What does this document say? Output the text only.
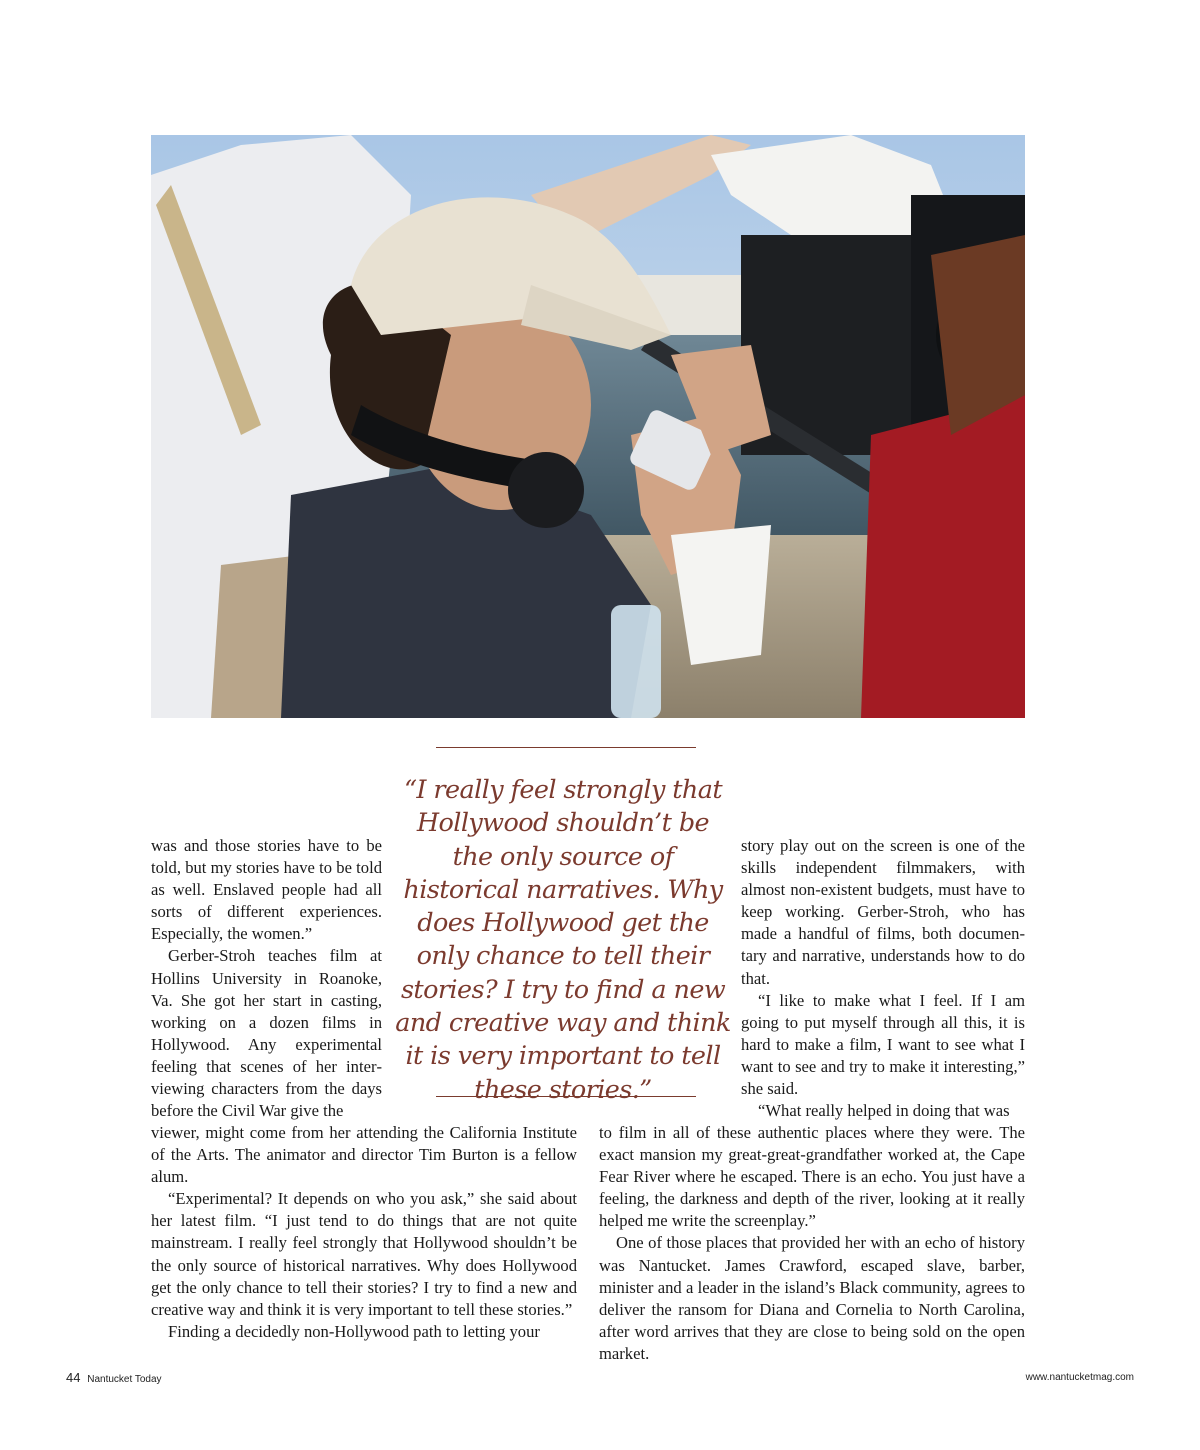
“I really feel strongly that Hollywood shouldn’t be the only source of historical narratives. Why does Hollywood get the only chance to tell their stories? I try to find a new and creative way and think it is very important to tell these stories.”

was and those stories have to be told, but my stories have to be told as well. Enslaved people had all sorts of different experiences. Especially, the women.”

Gerber-Stroh teaches film at Hollins University in Roanoke, Va. She got her start in casting, working on a dozen films in Hollywood. Any experimental feeling that scenes of her interviewing characters from the days before the Civil War give the

viewer, might come from her attending the California Institute of the Arts. The animator and director Tim Burton is a fellow alum.

“Experimental? It depends on who you ask,” she said about her latest film. “I just tend to do things that are not quite mainstream. I really feel strongly that Hollywood shouldn’t be the only source of historical narratives. Why does Hollywood get the only chance to tell their stories? I try to find a new and creative way and think it is very important to tell these stories.”

Finding a decidedly non-Hollywood path to letting your

story play out on the screen is one of the skills independent filmmakers, with almost non-existent budgets, must have to keep working. Gerber-Stroh, who has made a handful of films, both documentary and narrative, understands how to do that.

“I like to make what I feel. If I am going to put myself through all this, it is hard to make a film, I want to see what I want to see and try to make it interesting,” she said.

“What really helped in doing that was

to film in all of these authentic places where they were. The exact mansion my great-great-grandfather worked at, the Cape Fear River where he escaped. There is an echo. You just have a feeling, the darkness and depth of the river, looking at it really helped me write the screenplay.”

One of those places that provided her with an echo of history was Nantucket. James Crawford, escaped slave, barber, minister and a leader in the island’s Black community, agrees to deliver the ransom for Diana and Cornelia to North Carolina, after word arrives that they are close to being sold on the open market.

44 Nantucket Today	www.nantucketmag.com
